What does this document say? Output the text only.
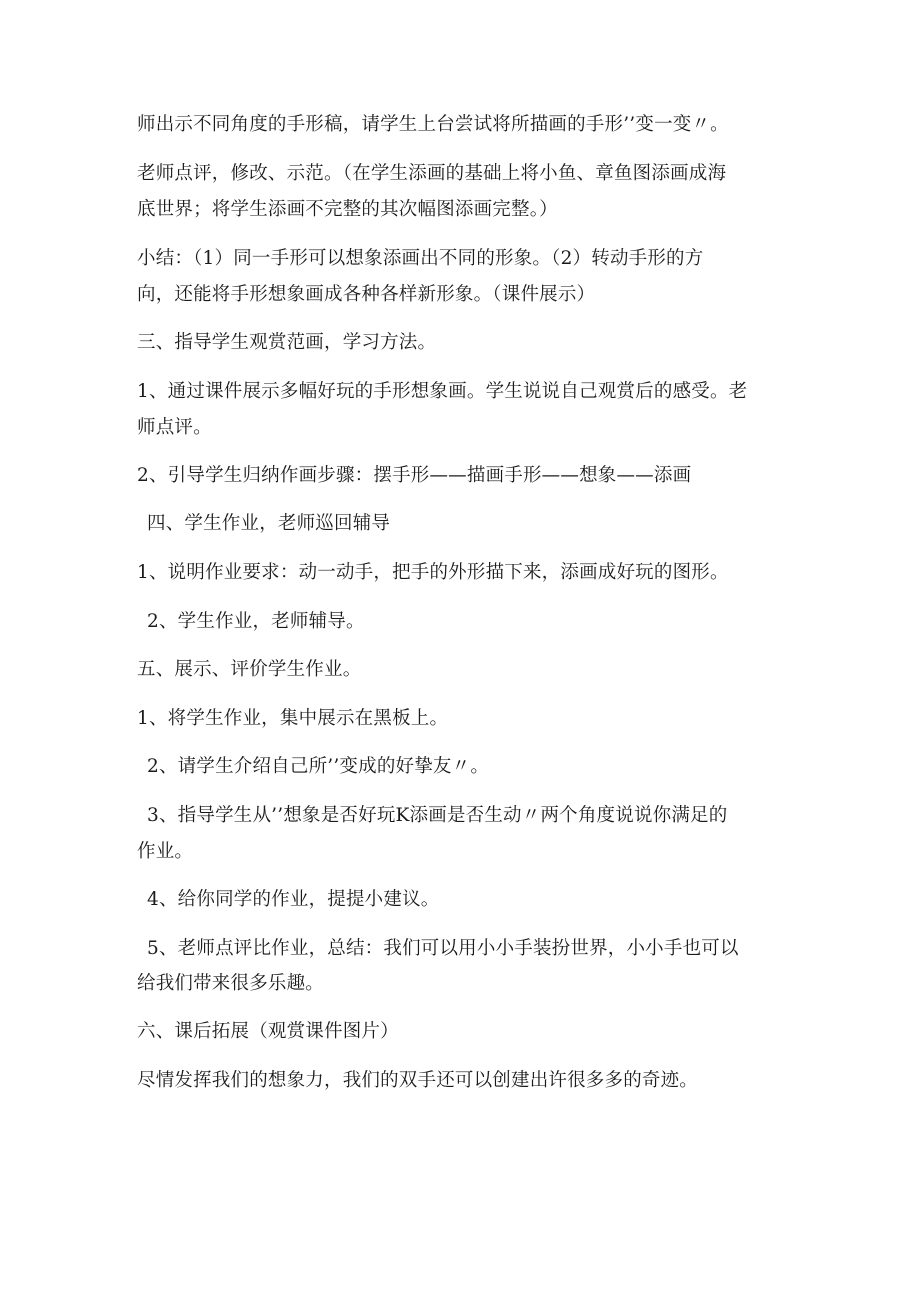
师出示不同角度的手形稿，请学生上台尝试将所描画的手形’’变一变〃。
老师点评，修改、示范。（在学生添画的基础上将小鱼、章鱼图添画成海
底世界；将学生添画不完整的其次幅图添画完整。）
小结：（1）同一手形可以想象添画出不同的形象。（2）转动手形的方
向，还能将手形想象画成各种各样新形象。（课件展示）
三、指导学生观赏范画，学习方法。
1、通过课件展示多幅好玩的手形想象画。学生说说自己观赏后的感受。老
师点评。
2、引导学生归纳作画步骤：摆手形——描画手形——想象——添画
四、学生作业，老师巡回辅导
1、说明作业要求：动一动手，把手的外形描下来，添画成好玩的图形。
2、学生作业，老师辅导。
五、展示、评价学生作业。
1、将学生作业，集中展示在黑板上。
2、请学生介绍自己所’’变成的好挚友〃。
3、指导学生从’’想象是否好玩K添画是否生动〃两个角度说说你满足的
作业。
4、给你同学的作业，提提小建议。
5、老师点评比作业，总结：我们可以用小小手装扮世界，小小手也可以
给我们带来很多乐趣。
六、课后拓展（观赏课件图片）
尽情发挥我们的想象力，我们的双手还可以创建出许很多多的奇迹。
